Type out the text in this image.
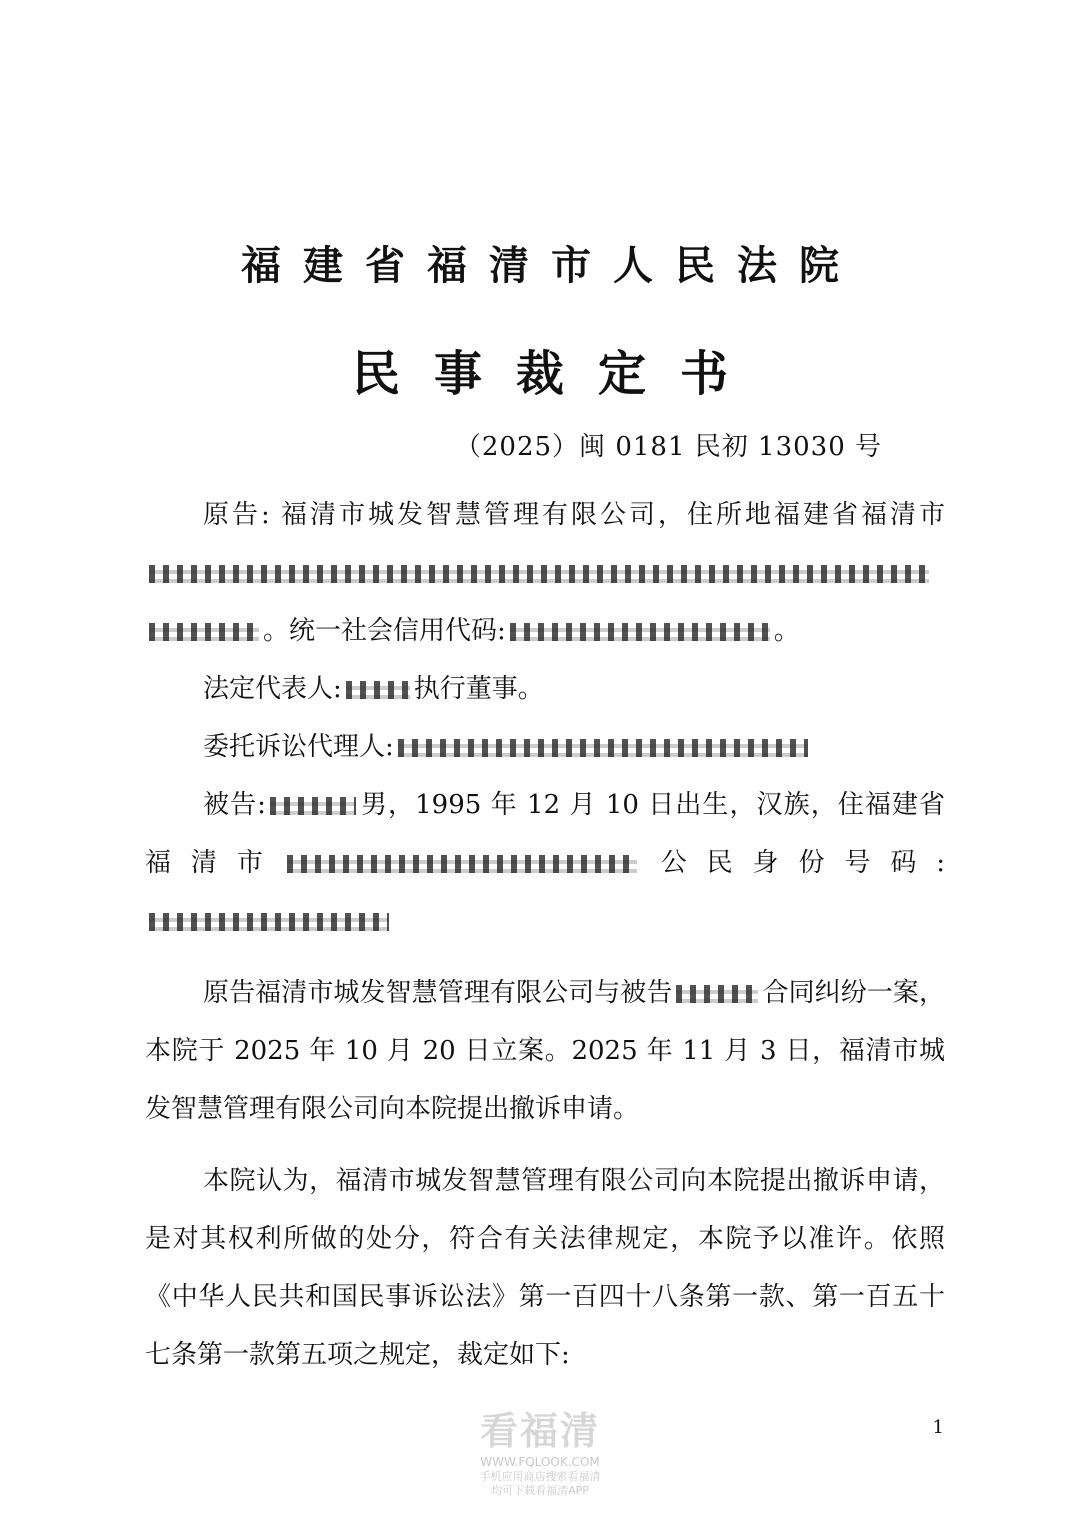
福建省福清市人民法院
民事裁定书
（2025）闽 0181 民初 13030 号

原告: 福清市城发智慧管理有限公司，住所地福建省福清市。统一社会信用代码:	。

法定代表人:	执行董事。

委托诉讼代理人:

被告:	男，1995 年 12 月 10 日出生，汉族，住福建省福清市	公民身份号码:

原告福清市城发智慧管理有限公司与被告	合同纠纷一案，本院于 2025 年 10 月 20 日立案。2025 年 11 月 3 日，福清市城发智慧管理有限公司向本院提出撤诉申请。

本院认为，福清市城发智慧管理有限公司向本院提出撤诉申请，是对其权利所做的处分，符合有关法律规定，本院予以准许。依照《中华人民共和国民事诉讼法》第一百四十八条第一款、第一百五十七条第一款第五项之规定，裁定如下:

看福清
WWW.FQLOOK.COM
手机应用商店搜索看福清
均可下载看福清APP
1
